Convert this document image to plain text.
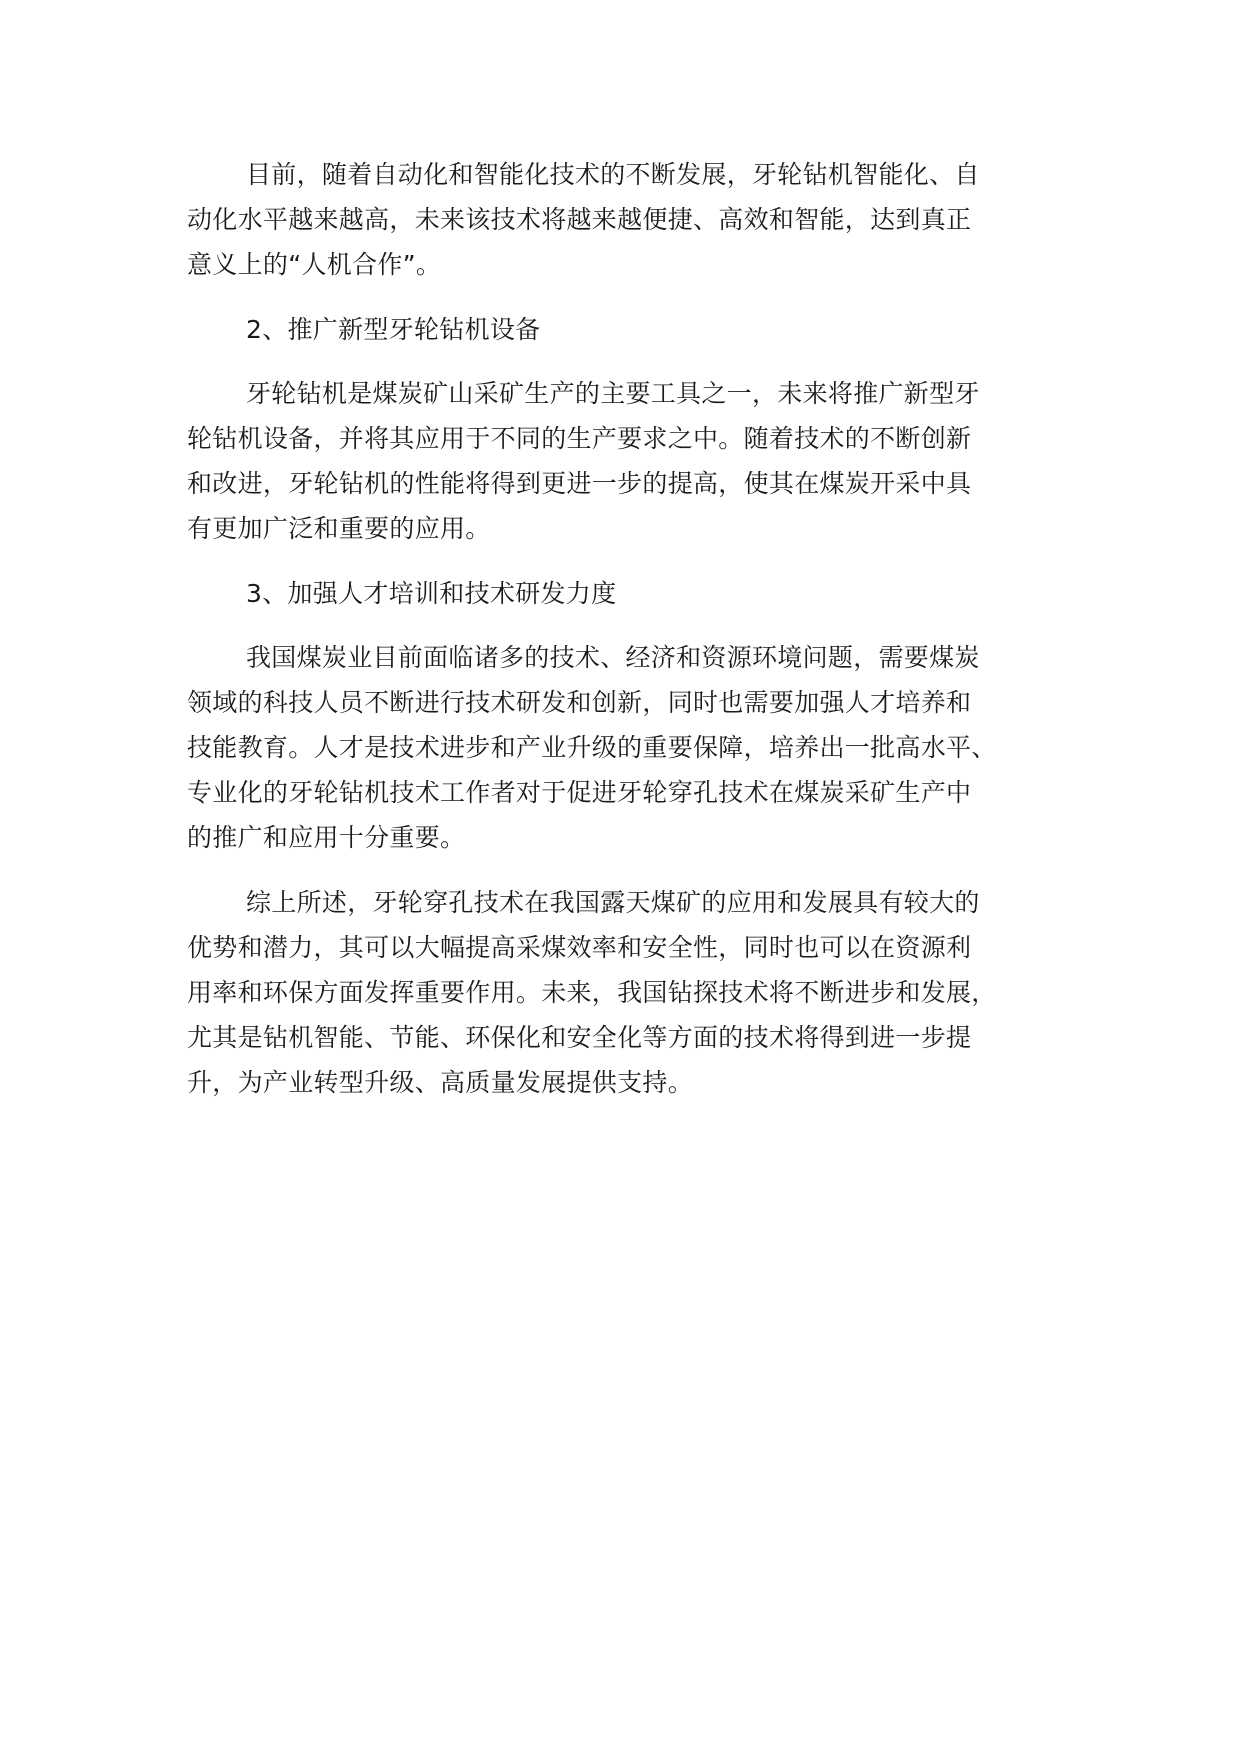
目前，随着自动化和智能化技术的不断发展，牙轮钻机智能化、自
动化水平越来越高，未来该技术将越来越便捷、高效和智能，达到真正
意义上的“人机合作”。
2、推广新型牙轮钻机设备
牙轮钻机是煤炭矿山采矿生产的主要工具之一，未来将推广新型牙
轮钻机设备，并将其应用于不同的生产要求之中。随着技术的不断创新
和改进，牙轮钻机的性能将得到更进一步的提高，使其在煤炭开采中具
有更加广泛和重要的应用。
3、加强人才培训和技术研发力度
我国煤炭业目前面临诸多的技术、经济和资源环境问题，需要煤炭
领域的科技人员不断进行技术研发和创新，同时也需要加强人才培养和
技能教育。人才是技术进步和产业升级的重要保障，培养出一批高水平、
专业化的牙轮钻机技术工作者对于促进牙轮穿孔技术在煤炭采矿生产中
的推广和应用十分重要。
综上所述，牙轮穿孔技术在我国露天煤矿的应用和发展具有较大的
优势和潜力，其可以大幅提高采煤效率和安全性，同时也可以在资源利
用率和环保方面发挥重要作用。未来，我国钻探技术将不断进步和发展，
尤其是钻机智能、节能、环保化和安全化等方面的技术将得到进一步提
升，为产业转型升级、高质量发展提供支持。
